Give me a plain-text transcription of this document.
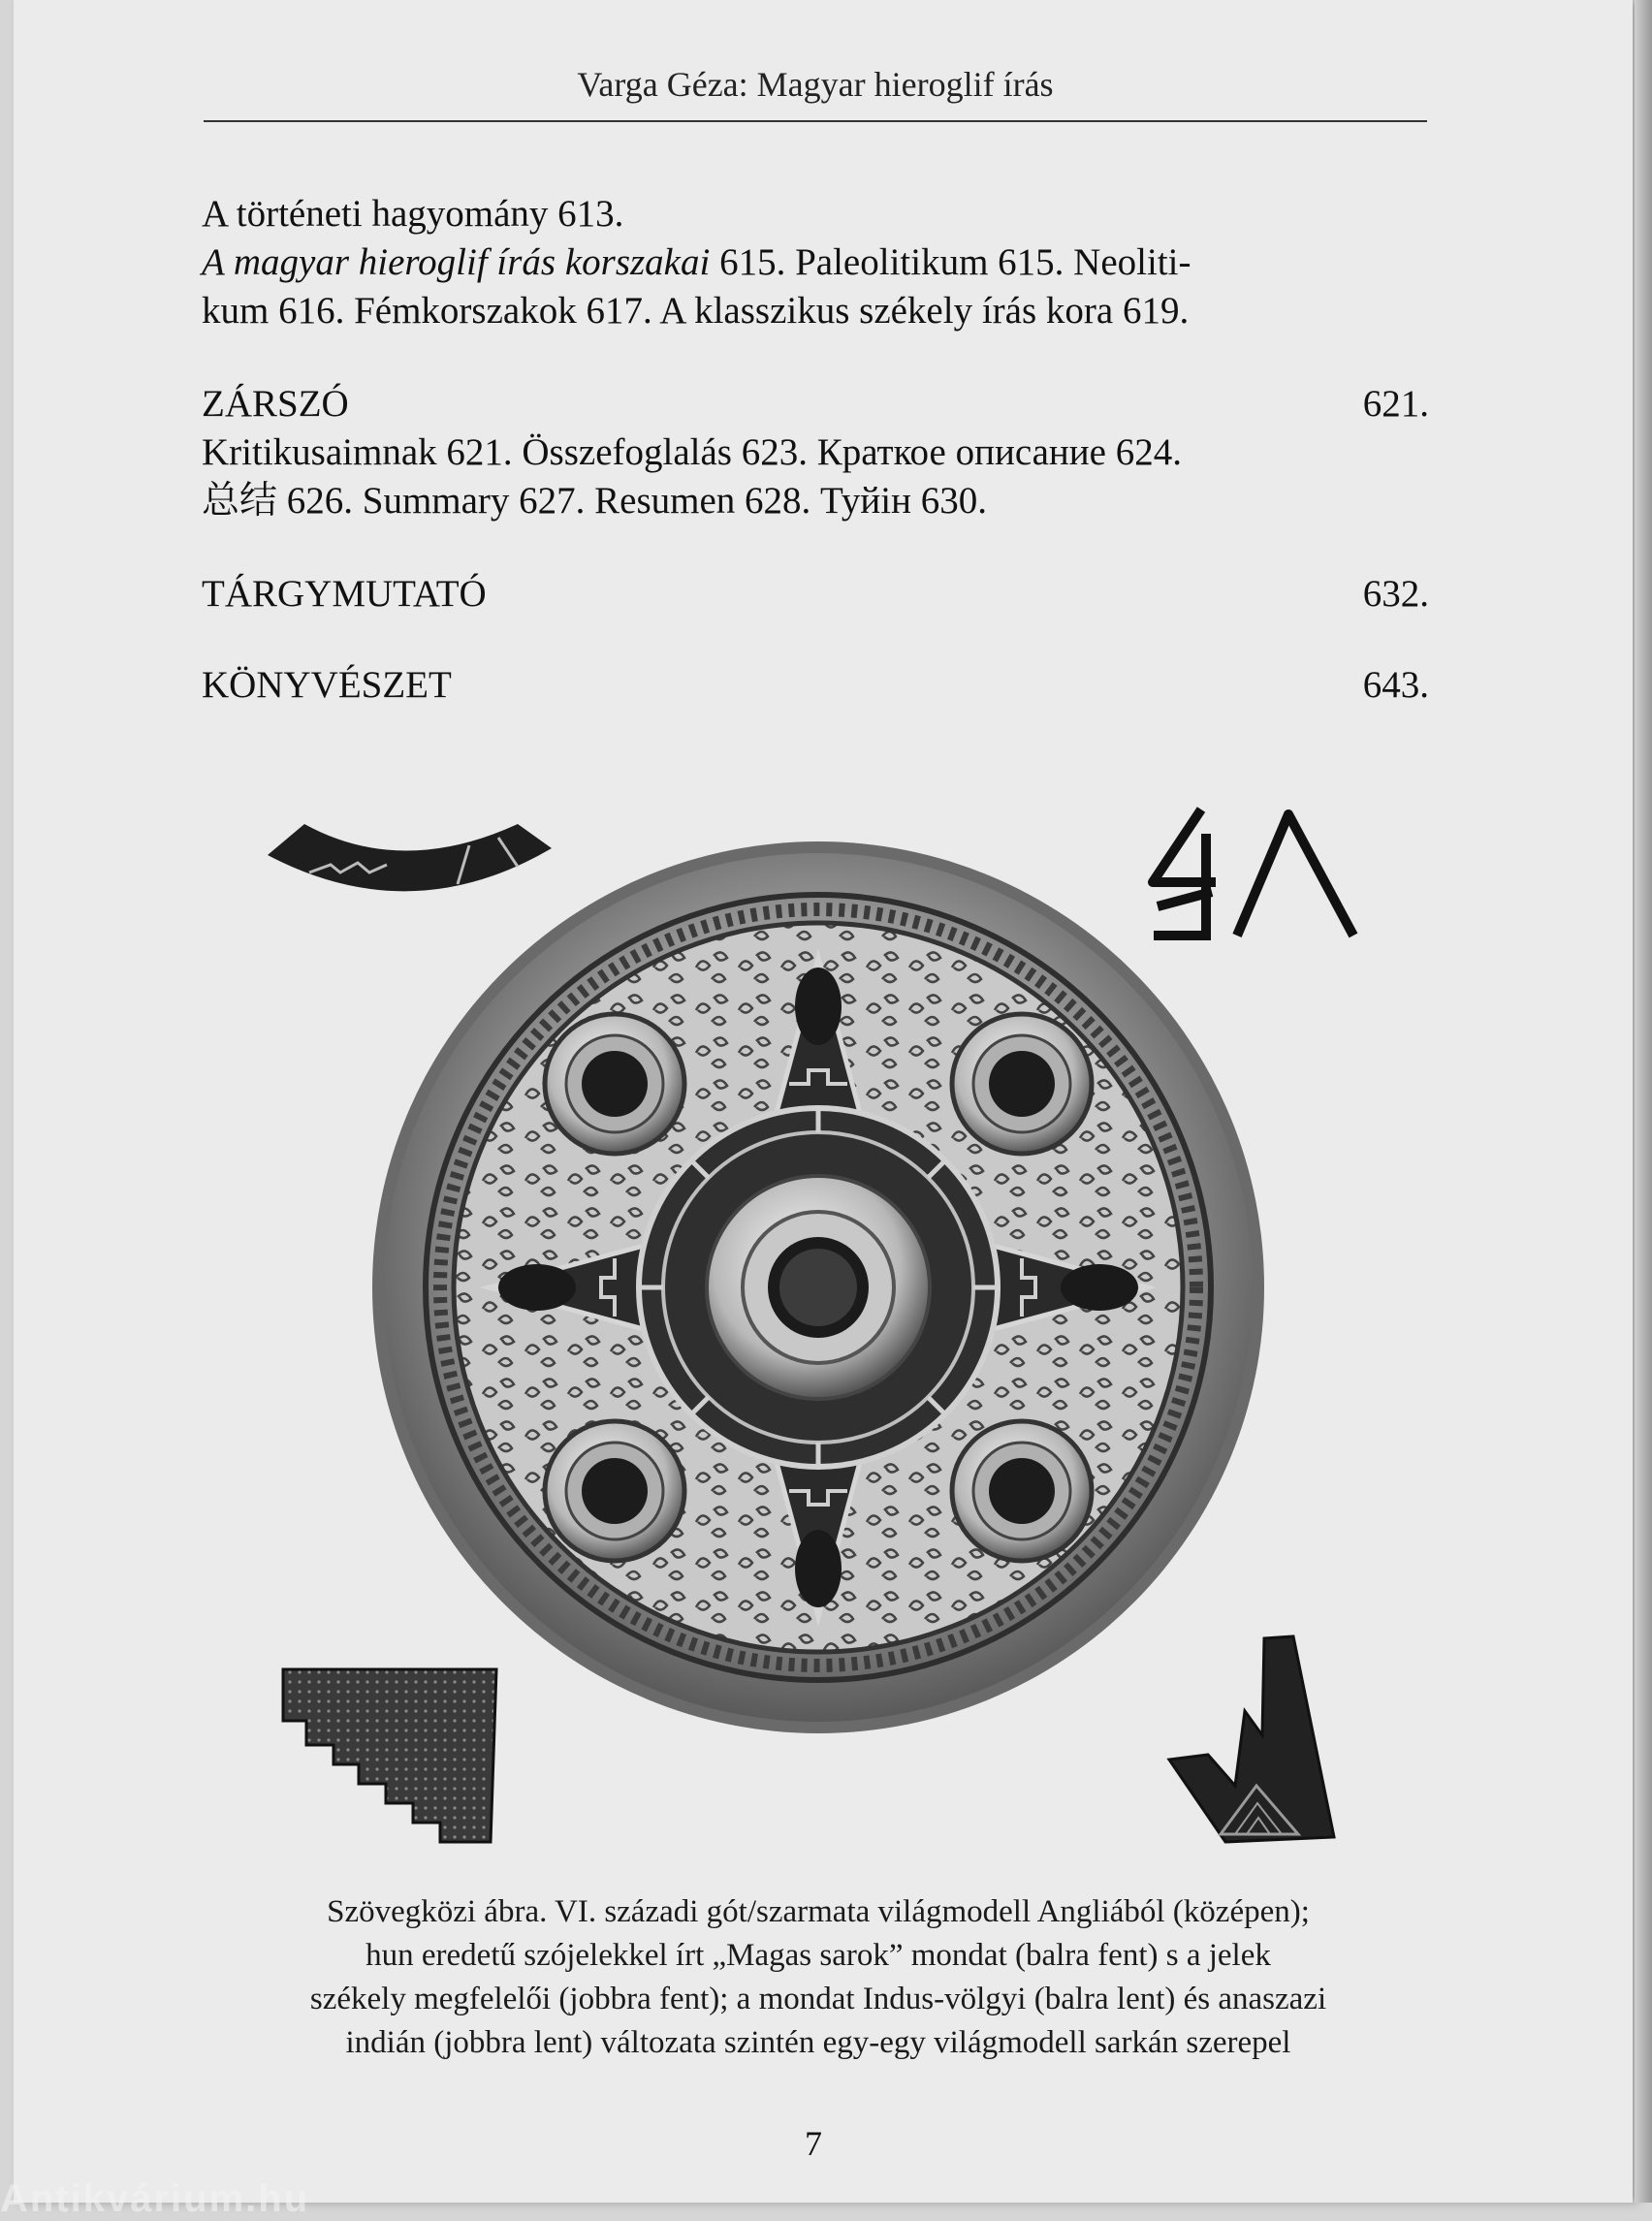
Varga Géza: Magyar hieroglif írás

A történeti hagyomány 613.

A magyar hieroglif írás korszakai 615. Paleolitikum 615. Neoliti-

kum 616. Fémkorszakok 617. A klasszikus székely írás kora 619.

ZÁRSZÓ	621.

Kritikusaimnak 621. Összefoglalás 623. Краткое описание 624.

总结 626. Summary 627. Resumen 628. Туйін 630.

TÁRGYMUTATÓ	632.

KÖNYVÉSZET	643.

Szövegközi ábra. VI. századi gót/szarmata világmodell Angliából (középen);

hun eredetű szójelekkel írt „Magas sarok” mondat (balra fent) s a jelek

székely megfelelői (jobbra fent); a mondat Indus-völgyi (balra lent) és anaszazi

indián (jobbra lent) változata szintén egy-egy világmodell sarkán szerepel

7
Antikvárium.hu
